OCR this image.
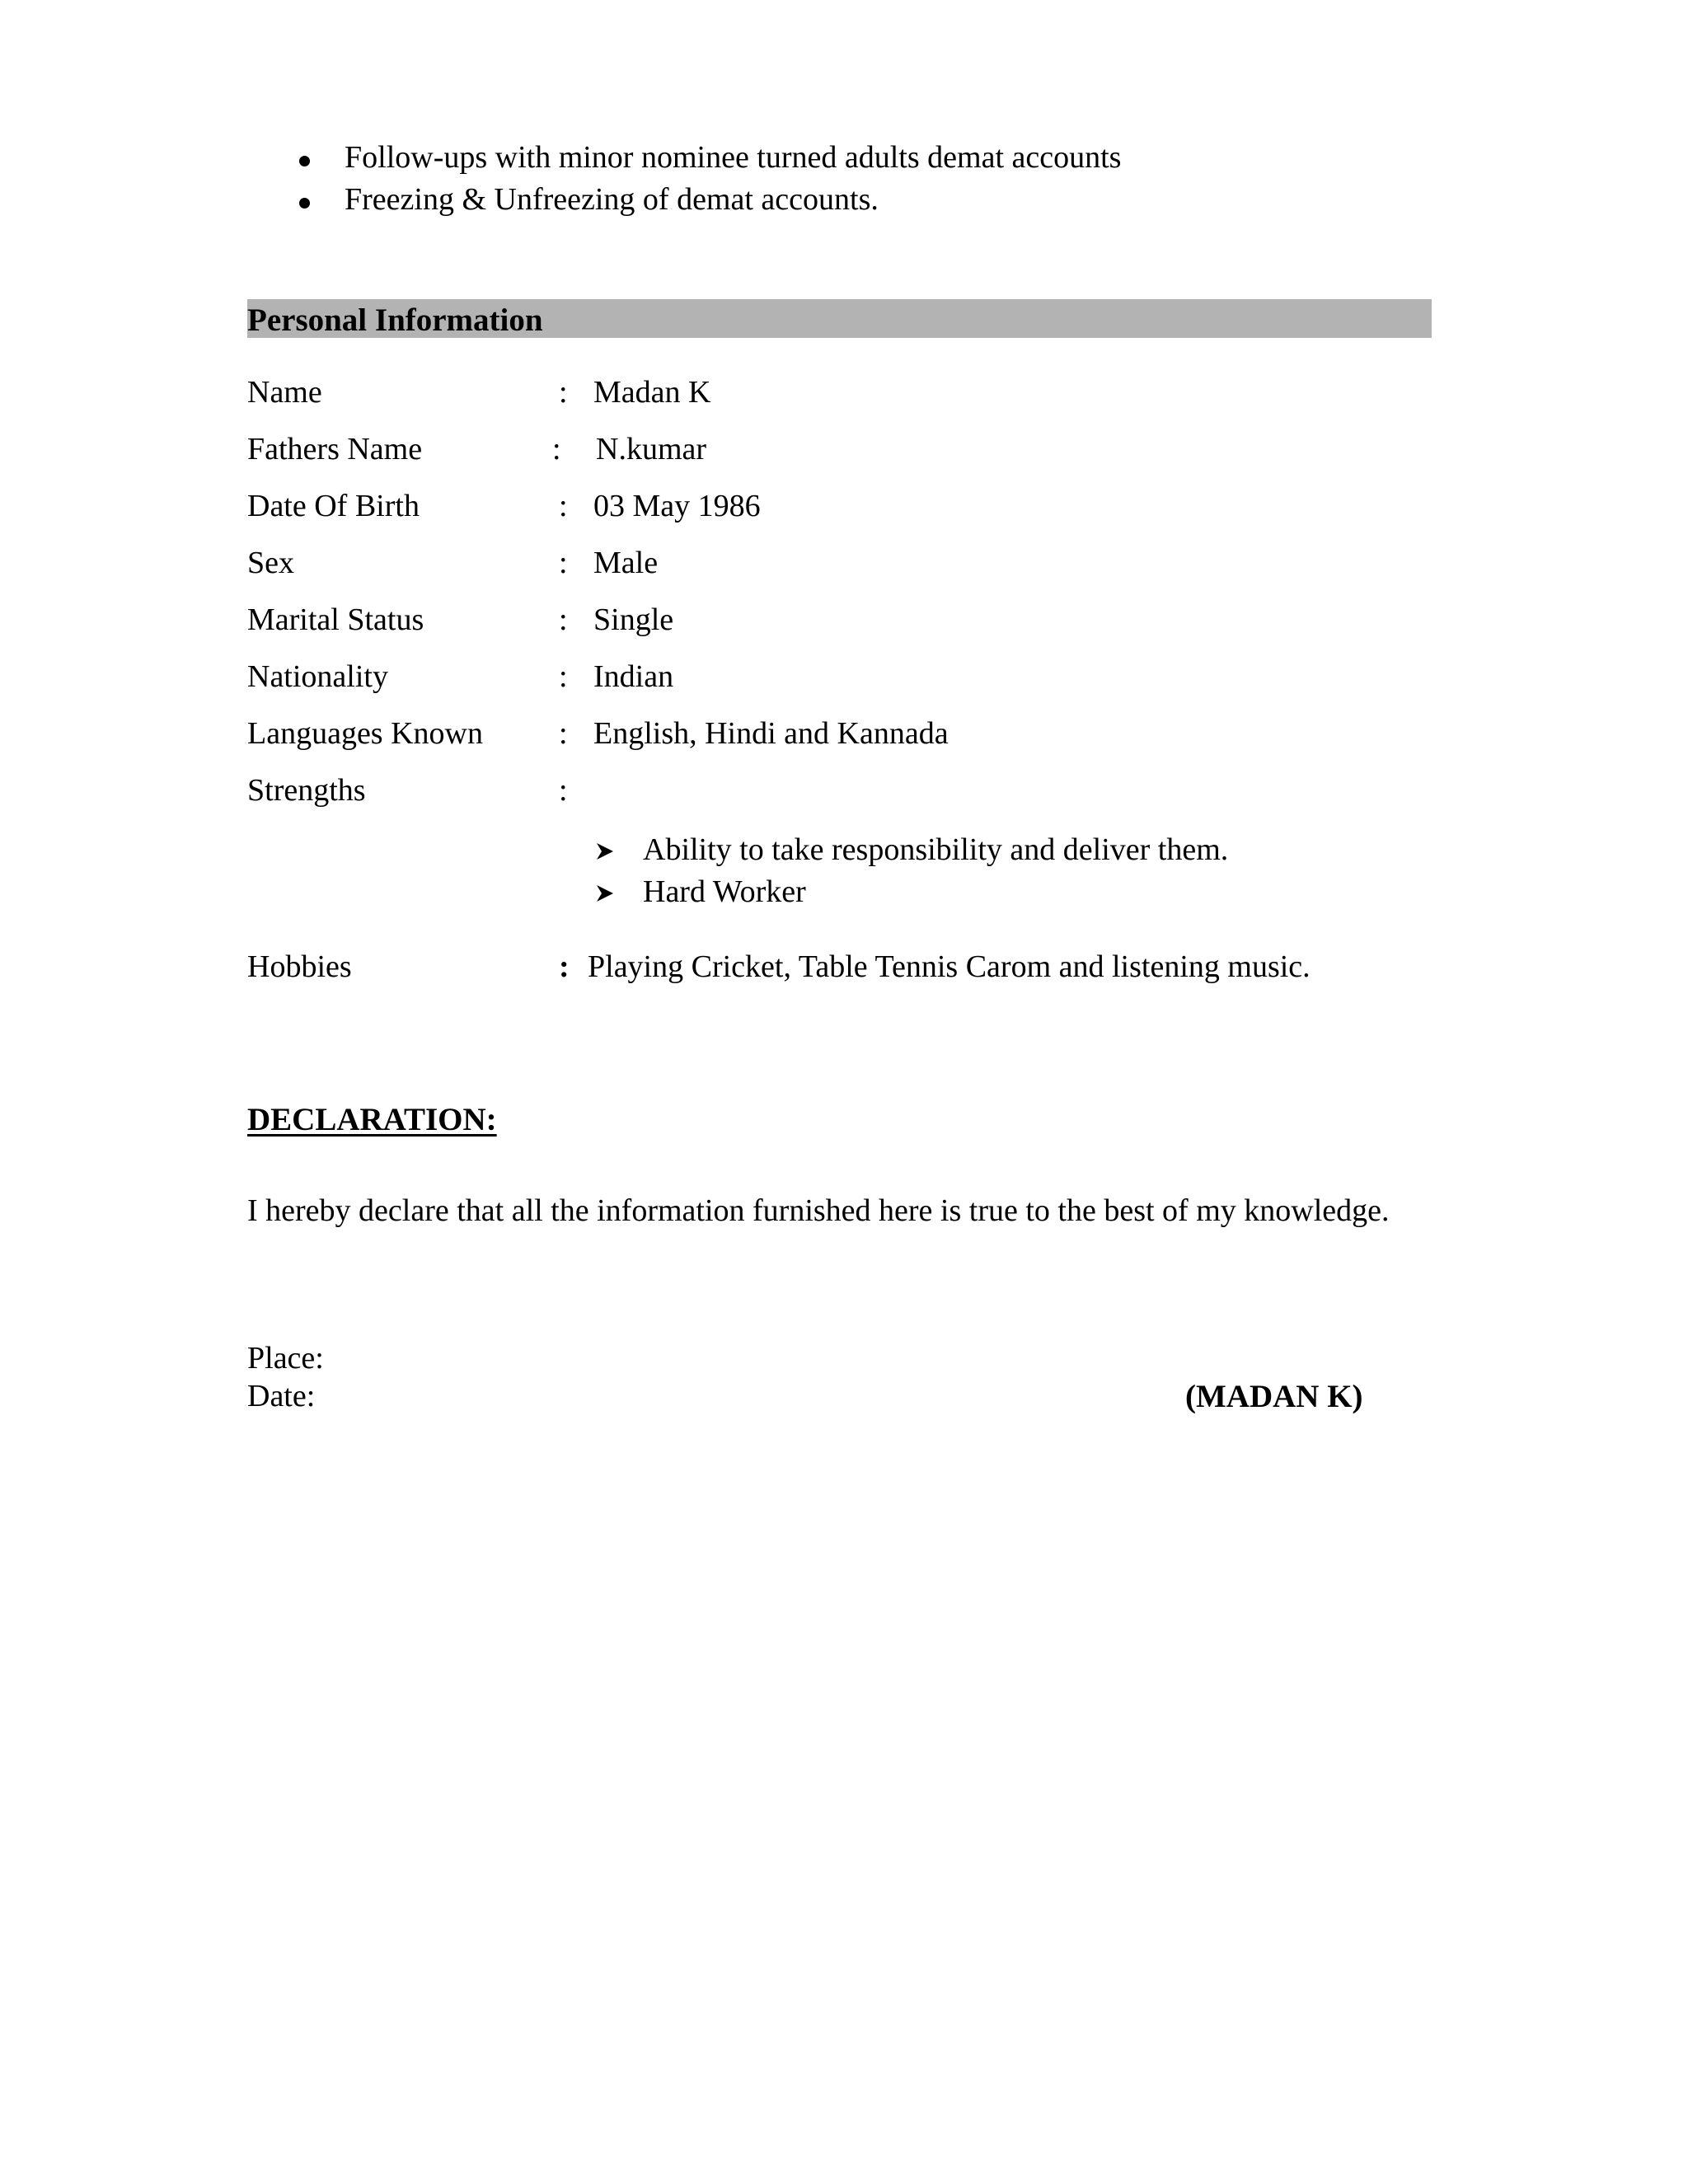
Follow-ups with minor nominee turned adults demat accounts
Freezing & Unfreezing of demat accounts.
Personal Information
Name	: Madan K
Fathers Name	: N.kumar
Date Of Birth	: 03 May 1986
Sex	: Male
Marital Status	: Single
Nationality	: Indian
Languages Known : English, Hindi and Kannada
Strengths	:
Ability to take responsibility and deliver them.
Hard Worker
Hobbies	: Playing Cricket, Table Tennis Carom and listening music.
DECLARATION:
I hereby declare that all the information furnished here is true to the best of my knowledge.
Place:
Date:	(MADAN K)
